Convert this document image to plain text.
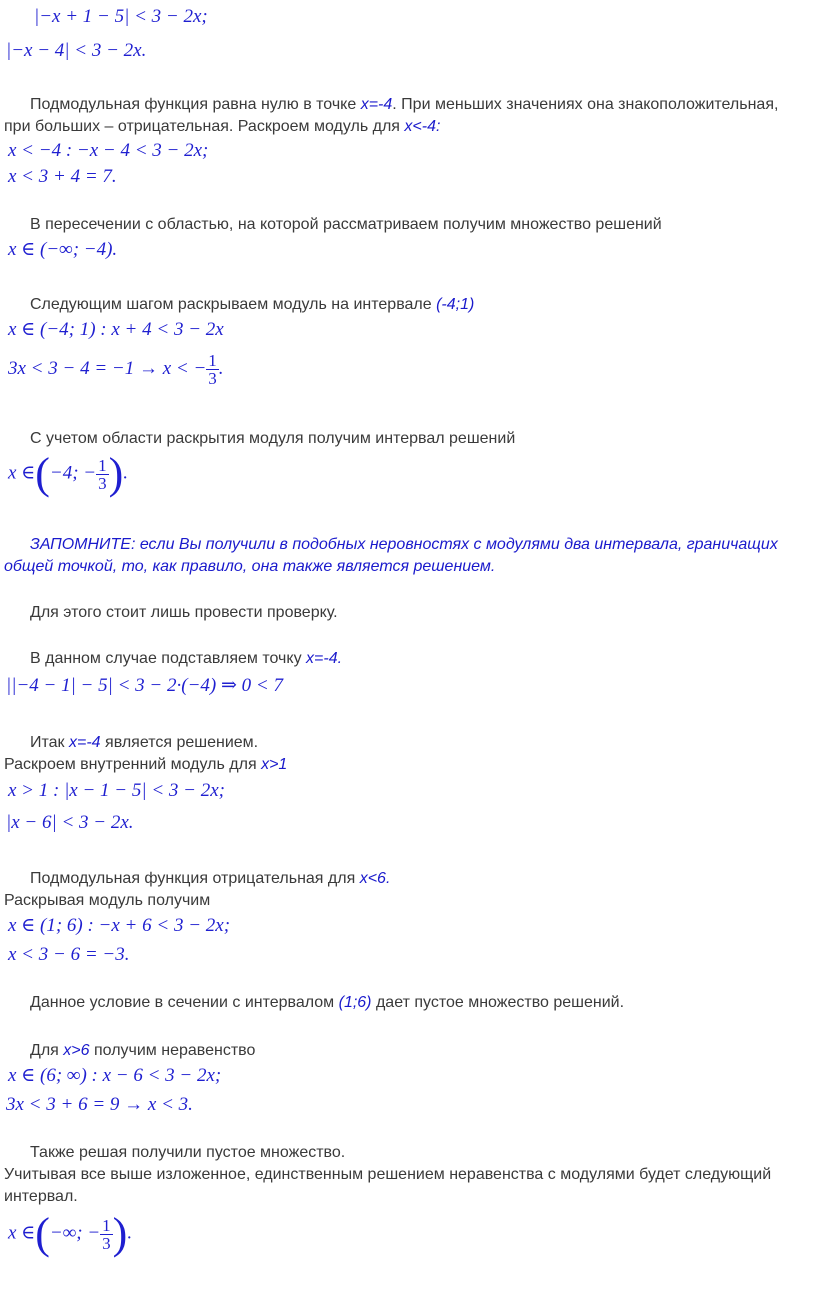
|−x + 1 − 5| < 3 − 2x;
|−x − 4| < 3 − 2x.
Подмодульная функция равна нулю в точке x=-4. При меньших значениях она знакоположительная, при больших – отрицательная. Раскроем модуль для x<-4:
x < −4 : −x − 4 < 3 − 2x;
x < 3 + 4 = 7.
В пересечении с областью, на которой рассматриваем получим множество решений
x ∈ (−∞; −4).
Следующим шагом раскрываем модуль на интервале (-4;1)
x ∈ (−4; 1) : x + 4 < 3 − 2x
3x < 3 − 4 = −1 → x < − $\frac{1}{3}$ .
С учетом области раскрытия модуля получим интервал решений
x ∈(−4; − $\frac{1}{3}$ ).
ЗАПОМНИТЕ: если Вы получили в подобных неровностях с модулями два интервала, граничащих общей точкой, то, как правило, она также является решением.
Для этого стоит лишь провести проверку.
В данном случае подставляем точку x=-4.
||−4 − 1| − 5| < 3 − 2·(−4) ⇒ 0 < 7
Итак x=-4 является решением.
Раскроем внутренний модуль для x>1
x > 1 : |x − 1 − 5| < 3 − 2x;
|x − 6| < 3 − 2x.
Подмодульная функция отрицательная для x<6.
Раскрывая модуль получим
x ∈ (1; 6) : −x + 6 < 3 − 2x;
x < 3 − 6 = −3.
Данное условие в сечении с интервалом (1;6) дает пустое множество решений.
Для x>6 получим неравенство
x ∈ (6; ∞) : x − 6 < 3 − 2x;
3x < 3 + 6 = 9 → x < 3.
Также решая получили пустое множество.
Учитывая все выше изложенное, единственным решением неравенства с модулями будет следующий интервал.
x ∈(−∞; − $\frac{1}{3}$ ).
